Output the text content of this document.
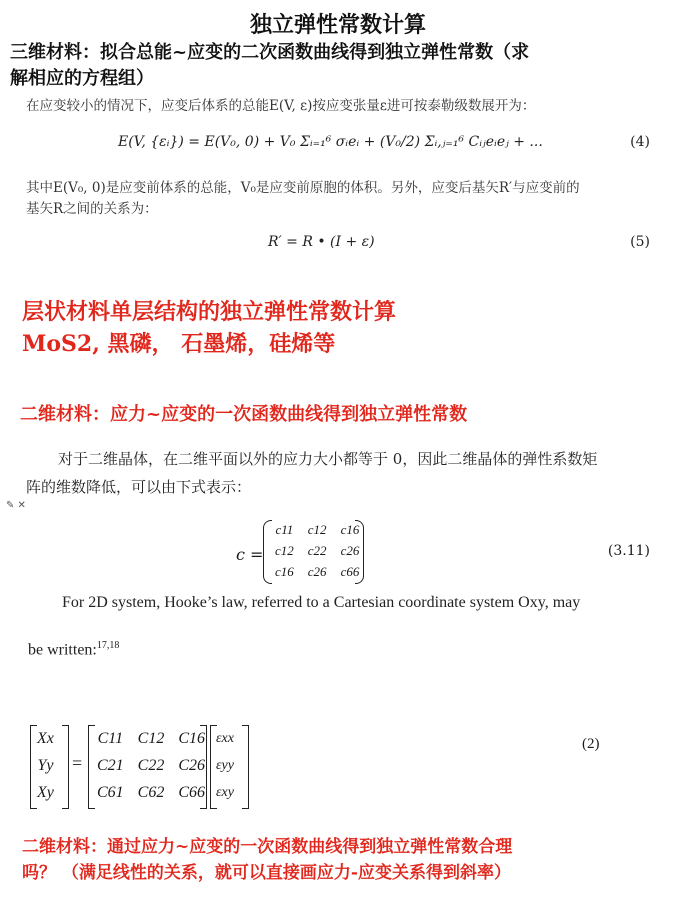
独立弹性常数计算
三维材料：拟合总能~应变的二次函数曲线得到独立弹性常数（求
解相应的方程组）
在应变较小的情况下，应变后体系的总能E(V, ε)按应变张量ε进可按泰勒级数展开为：
E(V, {εᵢ}) = E(V₀, 0) + V₀ Σᵢ₌₁⁶ σᵢeᵢ + (V₀/2) Σᵢ,ⱼ₌₁⁶ Cᵢⱼeᵢeⱼ + ...	(4)
其中E(V₀, 0)是应变前体系的总能，V₀是应变前原胞的体积。另外，应变后基矢R′与应变前的
基矢R之间的关系为：
R′ = R • (I + ε)	(5)
层状材料单层结构的独立弹性常数计算
MoS2, 黑磷， 石墨烯，硅烯等
二维材料：应力~应变的一次函数曲线得到独立弹性常数
对于二维晶体，在二维平面以外的应力大小都等于 0，因此二维晶体的弹性系数矩
阵的维数降低，可以由下式表示：
✎ ✕
c =
c11	c12	c16
c12	c22	c26
c16	c26	c66
(3.11)
For 2D system, Hooke’s law, referred to a Cartesian coordinate system Oxy, may
be written:$^{17,18}$
Xx
Yy
Xy
=
C11	C12	C16
C21	C22	C26
C61	C62	C66
εxx
εyy
εxy
(2)
二维材料：通过应力~应变的一次函数曲线得到独立弹性常数合理
吗？ （满足线性的关系，就可以直接画应力-应变关系得到斜率）
